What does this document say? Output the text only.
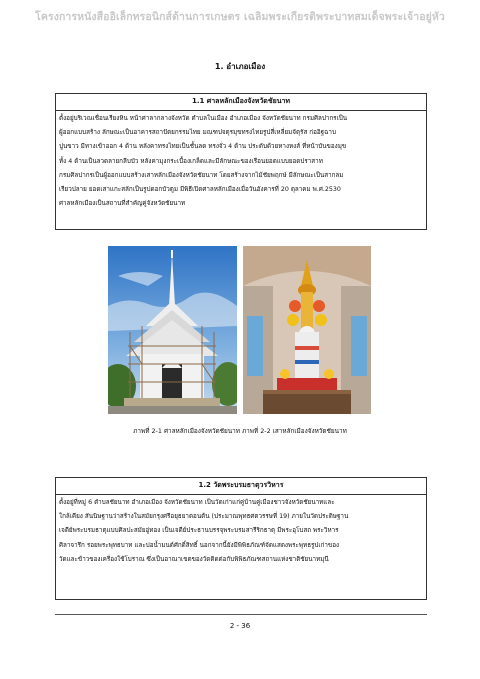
โครงการหนังสืออิเล็กทรอนิกส์ด้านการเกษตร เฉลิมพระเกียรติพระบาทสมเด็จพระเจ้าอยู่หัว
1. อำเภอเมือง
1.1 ศาลหลักเมืองจังหวัดชัยนาท
ตั้งอยู่บริเวณเชื่อนเรียงหิน หน้าศาลากลางจังหวัด ตำบลในเมือง อำเภอเมือง จังหวัดชัยนาท กรมศิลปากรเป็น
ผู้ออกแบบสร้าง ลักษณะเป็นอาคารสถาปัตยกรรมไทย มณฑปจตุรมุขทรงไทยรูปสี่เหลี่ยมจัตุรัส ก่ออิฐฉาบ
ปูนขาว มีทางเข้าออก 4 ด้าน หลังคาทรงไทยเป็นชั้นลด ทรงจั่ว 4 ด้าน ประดับด้วยหางหงส์ ที่หน้าบันของมุข
ทั้ง 4 ด้านเป็นลวดลายกลีบบัว หลังคามุงกระเบื้องเกล็ดและมีลักษณะของเรือนยอดแบบยอดปราสาท
กรมศิลปากรเป็นผู้ออกแบบสร้างเสาหลักเมืองจังหวัดชัยนาท โดยสร้างจากไม้ชัยพฤกษ์ มีลักษณะเป็นสากลม
เรียวปลาย ยอดเสาแกะสลักเป็นรูปดอกบัวตูม มีพิธีเปิดศาลหลักเมืองเมื่อวันอังคารที่ 20 ตุลาคม พ.ศ.2530
ศาลหลักเมืองเป็นสถานที่สำคัญคู่จังหวัดชัยนาท
ภาพที่ 2-1 ศาลหลักเมืองจังหวัดชัยนาท ภาพที่ 2-2 เสาหลักเมืองจังหวัดชัยนาท
1.2 วัดพระบรมธาตุวรวิหาร
ตั้งอยู่ที่หมู่ 6 ตำบลชัยนาท อำเภอเมือง จังหวัดชัยนาท เป็นวัดเก่าแก่คู่บ้านคู่เมืองชาวจังหวัดชัยนาทและ
ใกล้เคียง สันนิษฐานว่าสร้างในสมัยกรุงศรีอยุธยาตอนต้น (ประมาณพุทธศตวรรษที่ 19) ภายในวัดประดิษฐาน
เจดีย์พระบรมธาตุแบบศิลปะสมัยอู่ทอง เป็นเจดีย์ประธานบรรจุพระบรมสารีริกธาตุ มีพระอุโบสถ พระวิหาร
ศิลาจารึก รอยพระพุทธบาท และบ่อน้ำมนต์ศักดิ์สิทธิ์ นอกจากนี้ยังมีพิพิธภัณฑ์จัดแสดงพระพุทธรูปเก่าของ
วัดและข้าวของเครื่องใช้โบราณ ซึ่งเป็นอาณาเขตของวัดติดต่อกับพิพิธภัณฑสถานแห่งชาติชัยนาทมุนี
2 - 36
